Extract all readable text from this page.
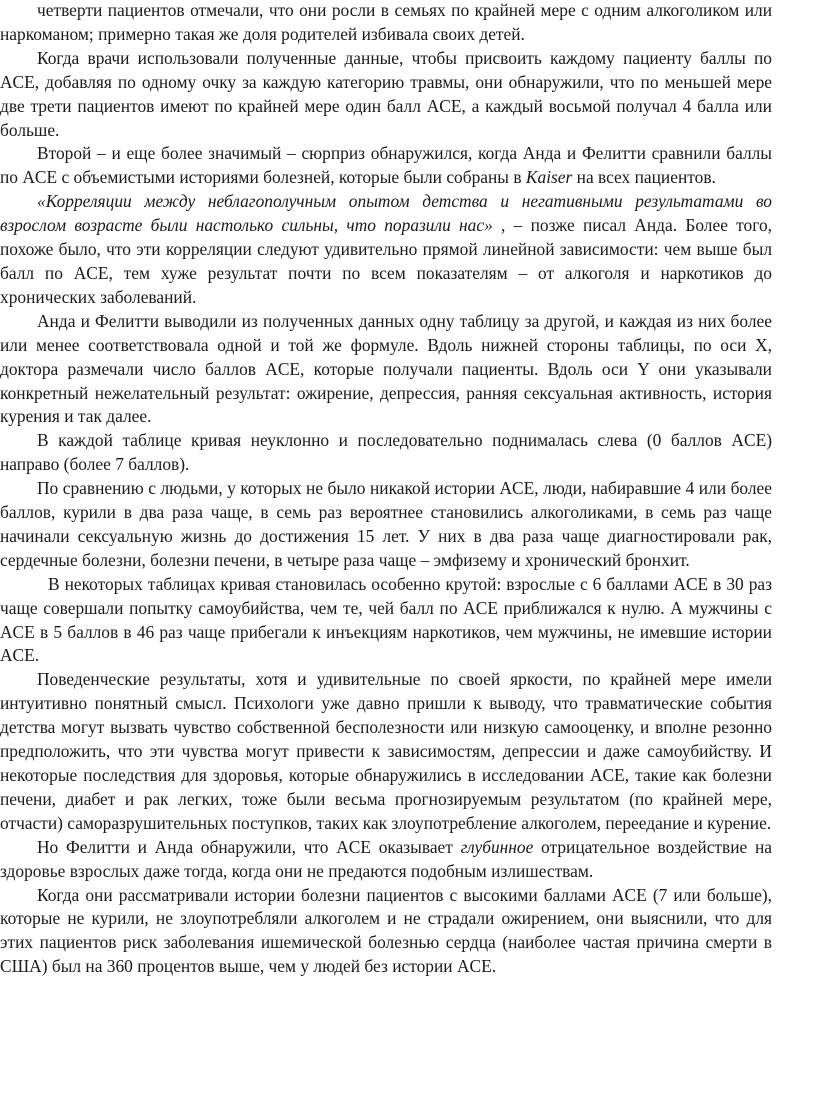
четверти пациентов отмечали, что они росли в семьях по крайней мере с одним алкоголиком или наркоманом; примерно такая же доля родителей избивала своих детей.

Когда врачи использовали полученные данные, чтобы присвоить каждому пациенту баллы по ACE, добавляя по одному очку за каждую категорию травмы, они обнаружили, что по меньшей мере две трети пациентов имеют по крайней мере один балл ACE, а каждый восьмой получал 4 балла или больше.

Второй – и еще более значимый – сюрприз обнаружился, когда Анда и Фелитти сравнили баллы по ACE с объемистыми историями болезней, которые были собраны в Kaiser на всех пациентов.

«Корреляции между неблагополучным опытом детства и негативными результатами во взрослом возрасте были настолько сильны, что поразили нас» , – позже писал Анда. Более того, похоже было, что эти корреляции следуют удивительно прямой линейной зависимости: чем выше был балл по ACE, тем хуже результат почти по всем показателям – от алкоголя и наркотиков до хронических заболеваний.

Анда и Фелитти выводили из полученных данных одну таблицу за другой, и каждая из них более или менее соответствовала одной и той же формуле. Вдоль нижней стороны таблицы, по оси X, доктора размечали число баллов ACE, которые получали пациенты. Вдоль оси Y они указывали конкретный нежелательный результат: ожирение, депрессия, ранняя сексуальная активность, история курения и так далее.

В каждой таблице кривая неуклонно и последовательно поднималась слева (0 баллов ACE) направо (более 7 баллов).

По сравнению с людьми, у которых не было никакой истории ACE, люди, набиравшие 4 или более баллов, курили в два раза чаще, в семь раз вероятнее становились алкоголиками, в семь раз чаще начинали сексуальную жизнь до достижения 15 лет. У них в два раза чаще диагностировали рак, сердечные болезни, болезни печени, в четыре раза чаще – эмфизему и хронический бронхит.

В некоторых таблицах кривая становилась особенно крутой: взрослые с 6 баллами ACE в 30 раз чаще совершали попытку самоубийства, чем те, чей балл по ACE приближался к нулю. А мужчины с ACE в 5 баллов в 46 раз чаще прибегали к инъекциям наркотиков, чем мужчины, не имевшие истории ACE.

Поведенческие результаты, хотя и удивительные по своей яркости, по крайней мере имели интуитивно понятный смысл. Психологи уже давно пришли к выводу, что травматические события детства могут вызвать чувство собственной бесполезности или низкую самооценку, и вполне резонно предположить, что эти чувства могут привести к зависимостям, депрессии и даже самоубийству. И некоторые последствия для здоровья, которые обнаружились в исследовании ACE, такие как болезни печени, диабет и рак легких, тоже были весьма прогнозируемым результатом (по крайней мере, отчасти) саморазрушительных поступков, таких как злоупотребление алкоголем, переедание и курение.

Но Фелитти и Анда обнаружили, что ACE оказывает глубинное отрицательное воздействие на здоровье взрослых даже тогда, когда они не предаются подобным излишествам.

Когда они рассматривали истории болезни пациентов с высокими баллами ACE (7 или больше), которые не курили, не злоупотребляли алкоголем и не страдали ожирением, они выяснили, что для этих пациентов риск заболевания ишемической болезнью сердца (наиболее частая причина смерти в США) был на 360 процентов выше, чем у людей без истории ACE.
